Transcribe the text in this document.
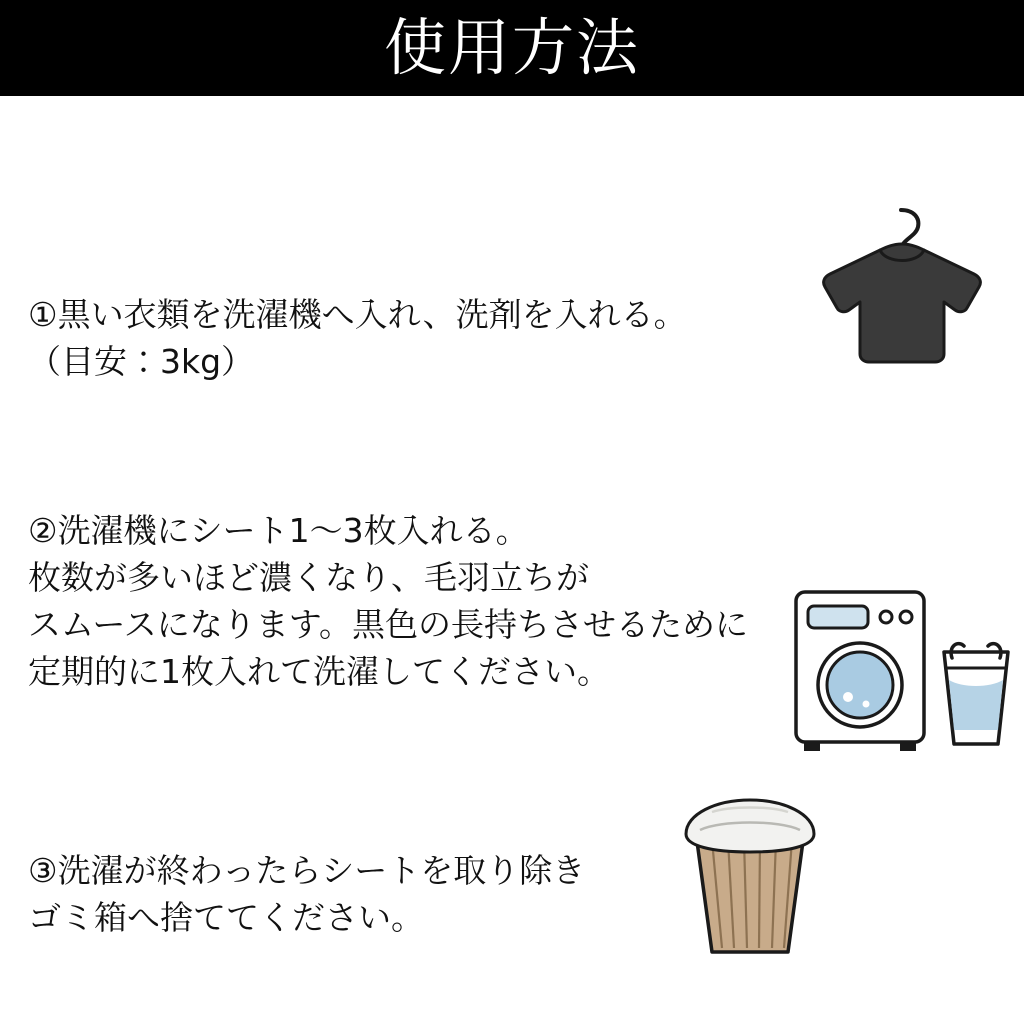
使用方法
①黒い衣類を洗濯機へ入れ、洗剤を入れる。
（目安：3kg）
②洗濯機にシート1〜3枚入れる。
枚数が多いほど濃くなり、毛羽立ちが
スムースになります。黒色の長持ちさせるために
定期的に1枚入れて洗濯してください。
③洗濯が終わったらシートを取り除き
ゴミ箱へ捨ててください。
